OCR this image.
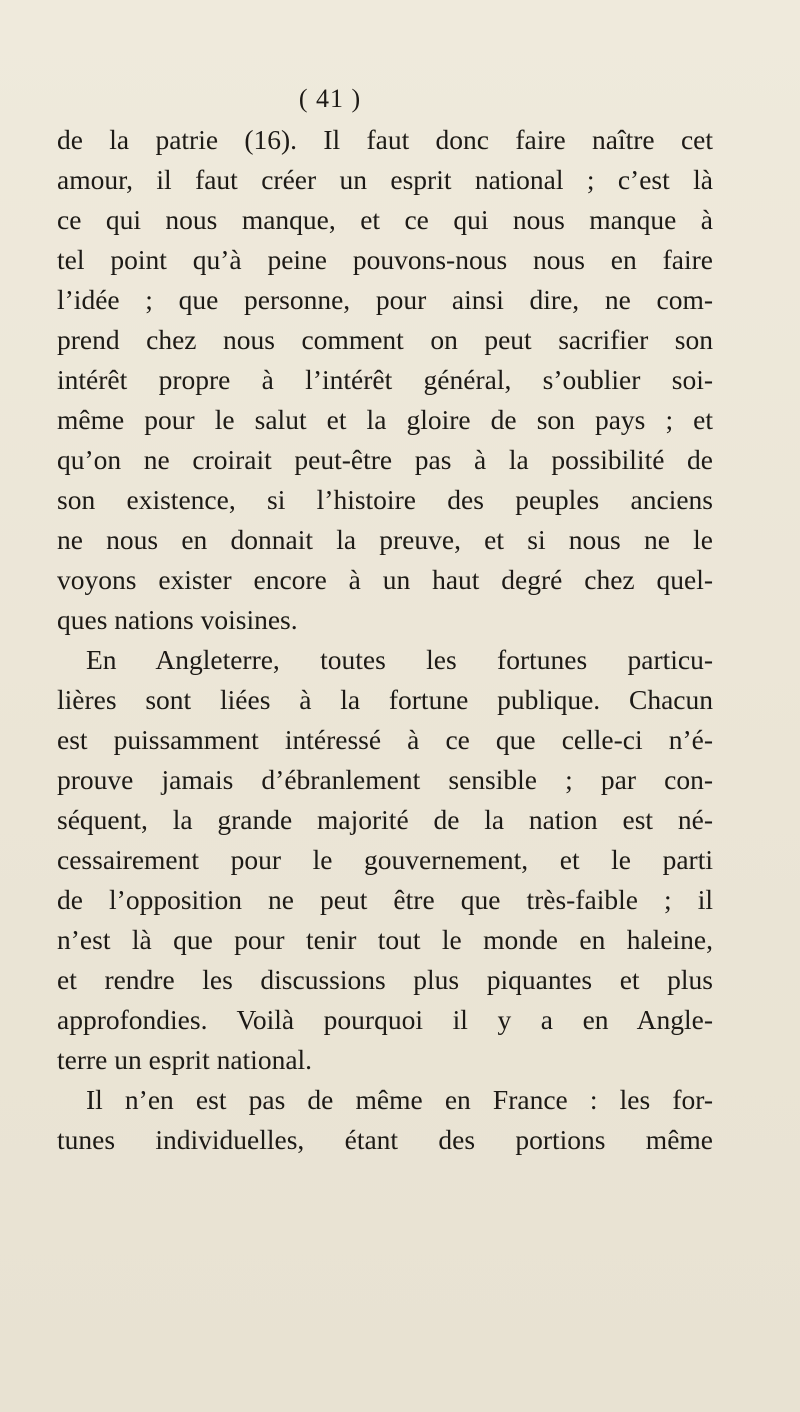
( 41 )
de la patrie (16). Il faut donc faire naître cet
amour, il faut créer un esprit national ; c’est là
ce qui nous manque, et ce qui nous manque à
tel point qu’à peine pouvons-nous nous en faire
l’idée ; que personne, pour ainsi dire, ne com-
prend chez nous comment on peut sacrifier son
intérêt propre à l’intérêt général, s’oublier soi-
même pour le salut et la gloire de son pays ; et
qu’on ne croirait peut-être pas à la possibilité de
son existence, si l’histoire des peuples anciens
ne nous en donnait la preuve, et si nous ne le
voyons exister encore à un haut degré chez quel-
ques nations voisines.
En Angleterre, toutes les fortunes particu-
lières sont liées à la fortune publique. Chacun
est puissamment intéressé à ce que celle-ci n’é-
prouve jamais d’ébranlement sensible ; par con-
séquent, la grande majorité de la nation est né-
cessairement pour le gouvernement, et le parti
de l’opposition ne peut être que très-faible ; il
n’est là que pour tenir tout le monde en haleine,
et rendre les discussions plus piquantes et plus
approfondies. Voilà pourquoi il y a en Angle-
terre un esprit national.
Il n’en est pas de même en France : les for-
tunes individuelles, étant des portions même
